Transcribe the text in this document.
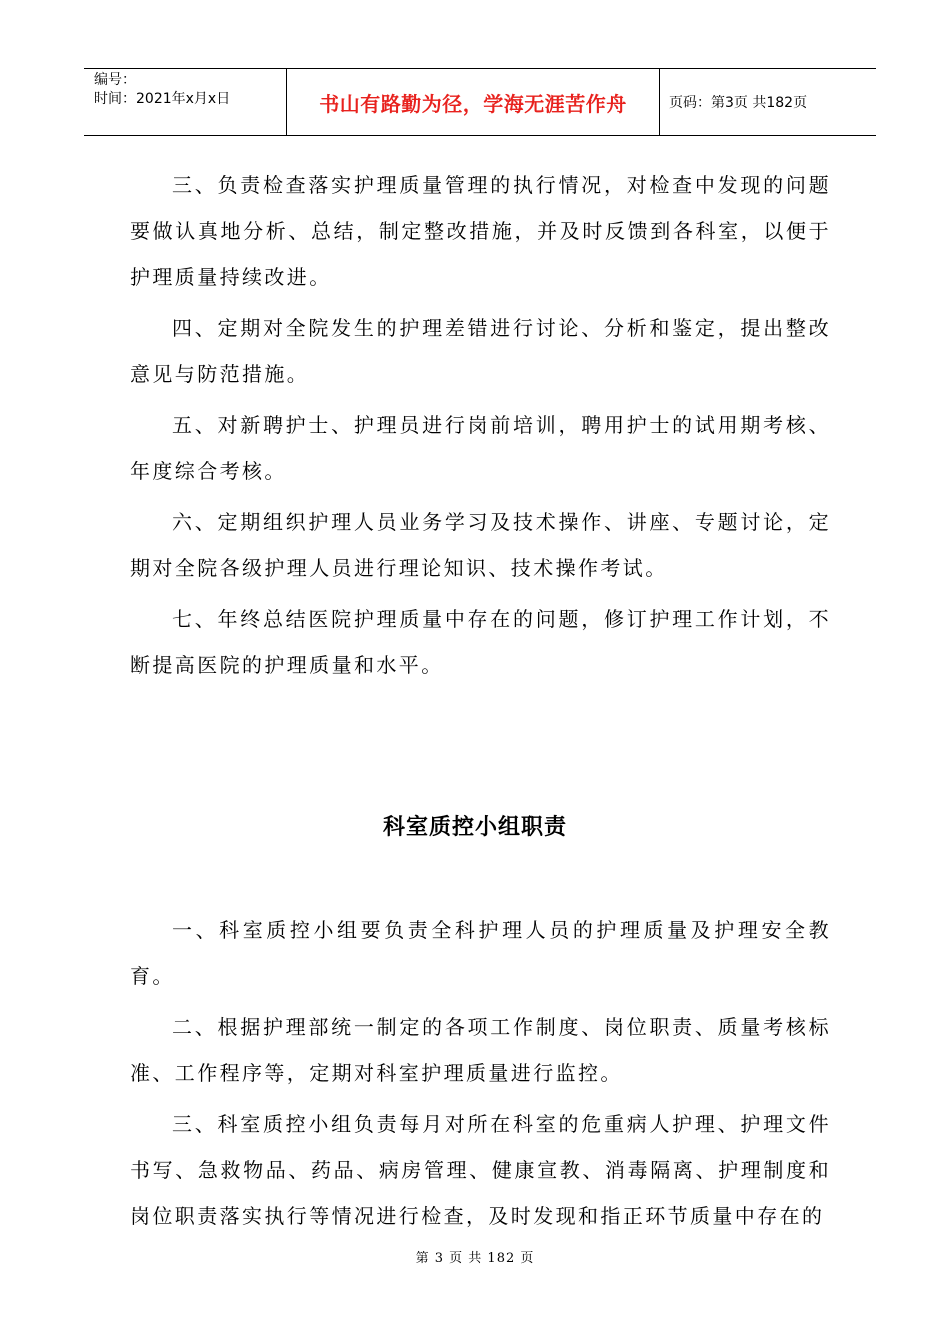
编号：
时间：2021年x月x日	书山有路勤为径，学海无涯苦作舟	页码：第3页 共182页

三、负责检查落实护理质量管理的执行情况，对检查中发现的问题要做认真地分析、总结，制定整改措施，并及时反馈到各科室，以便于护理质量持续改进。

四、定期对全院发生的护理差错进行讨论、分析和鉴定，提出整改意见与防范措施。

五、对新聘护士、护理员进行岗前培训，聘用护士的试用期考核、年度综合考核。

六、定期组织护理人员业务学习及技术操作、讲座、专题讨论，定期对全院各级护理人员进行理论知识、技术操作考试。

七、年终总结医院护理质量中存在的问题，修订护理工作计划，不断提高医院的护理质量和水平。

科室质控小组职责

一、科室质控小组要负责全科护理人员的护理质量及护理安全教育。

二、根据护理部统一制定的各项工作制度、岗位职责、质量考核标准、工作程序等，定期对科室护理质量进行监控。

三、科室质控小组负责每月对所在科室的危重病人护理、护理文件书写、急救物品、药品、病房管理、健康宣教、消毒隔离、护理制度和岗位职责落实执行等情况进行检查，及时发现和指正环节质量中存在的

第 3 页 共 182 页
